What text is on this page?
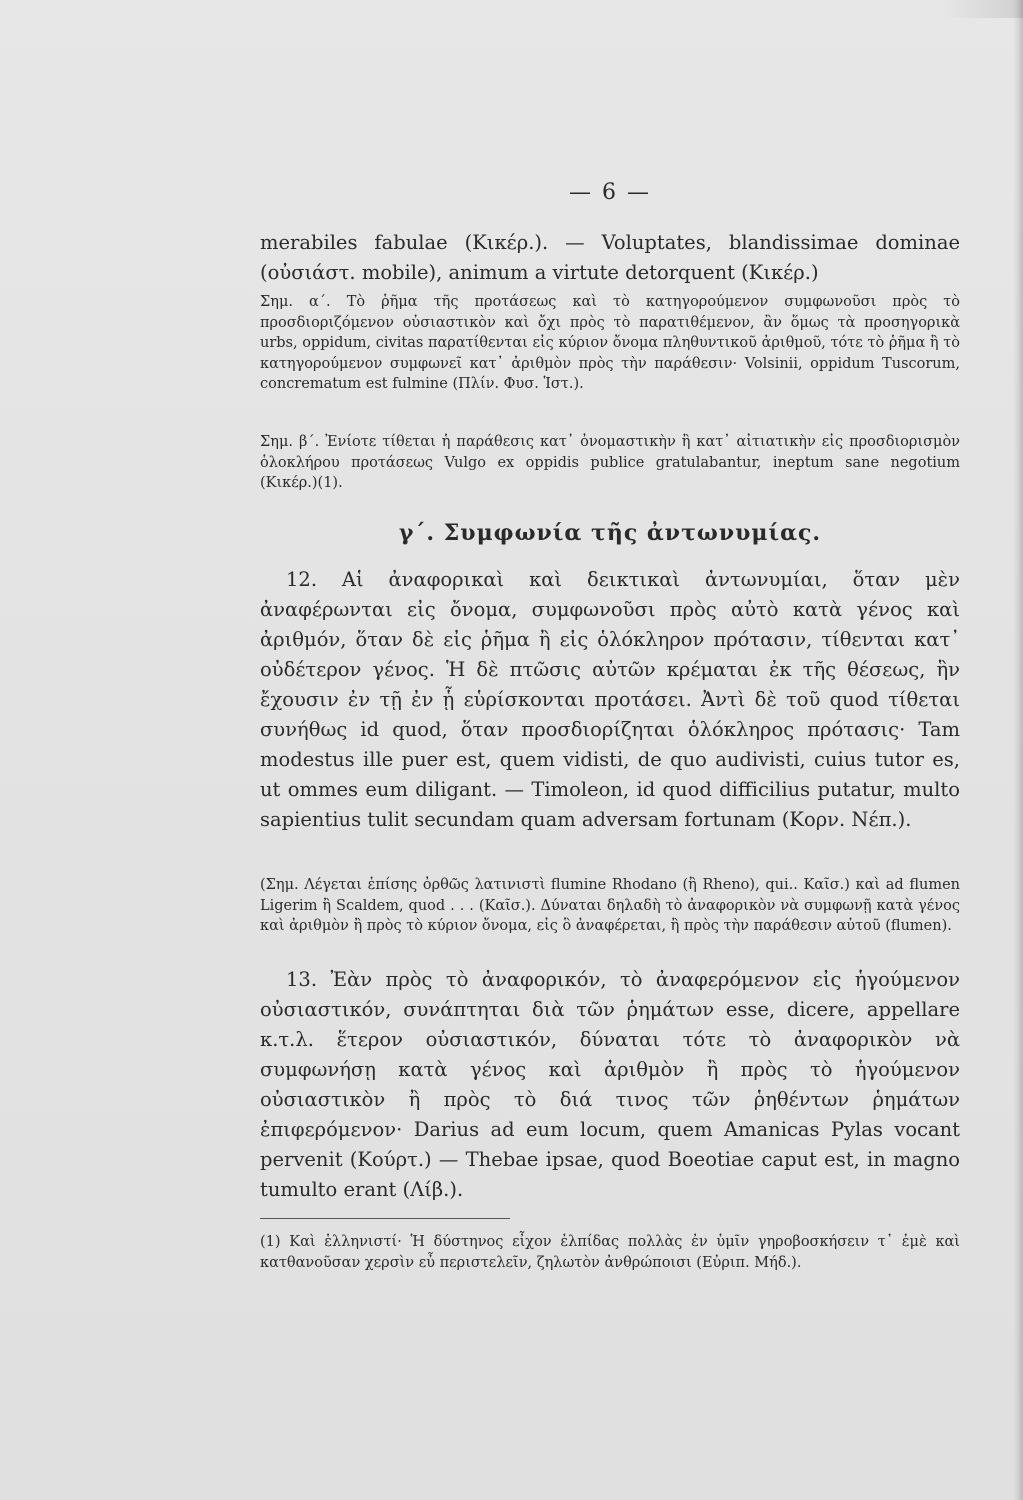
— 6 —

merabiles fabulae (Κικέρ.). — Voluptates, blandissimae dominae (οὐσιάστ. mobile), animum a virtute detorquent (Κικέρ.)

Σημ. α΄. Τὸ ῥῆμα τῆς προτάσεως καὶ τὸ κατηγορούμενον συμφωνοῦσι πρὸς τὸ προσδιοριζόμενον οὐσιαστικὸν καὶ ὄχι πρὸς τὸ παρατιθέμενον, ἂν ὅμως τὰ προσηγορικὰ urbs, oppidum, civitas παρατίθενται εἰς κύριον ὄνομα πληθυντικοῦ ἀριθμοῦ, τότε τὸ ῥῆμα ἢ τὸ κατηγορούμενον συμφωνεῖ κατ᾽ ἀριθμὸν πρὸς τὴν παράθεσιν· Volsinii, oppidum Tuscorum, concrematum est fulmine (Πλίν. Φυσ. Ἱστ.).

Σημ. β΄. Ἐνίοτε τίθεται ἡ παράθεσις κατ᾽ ὀνομαστικὴν ἢ κατ᾽ αἰτιατικὴν εἰς προσδιορισμὸν ὁλοκλήρου προτάσεως Vulgo ex oppidis publice gratulabantur, ineptum sane negotium (Κικέρ.)(1).

γ΄. Συμφωνία τῆς ἀντωνυμίας.

12. Αἱ ἀναφορικαὶ καὶ δεικτικαὶ ἀντωνυμίαι, ὅταν μὲν ἀναφέρωνται εἰς ὄνομα, συμφωνοῦσι πρὸς αὐτὸ κατὰ γένος καὶ ἀριθμόν, ὅταν δὲ εἰς ῥῆμα ἢ εἰς ὁλόκληρον πρότασιν, τίθενται κατ᾽ οὐδέτερον γένος. Ἡ δὲ πτῶσις αὐτῶν κρέμαται ἐκ τῆς θέσεως, ἣν ἔχουσιν ἐν τῇ ἐν ᾗ εὑρίσκονται προτάσει. Ἀντὶ δὲ τοῦ quod τίθεται συνήθως id quod, ὅταν προσδιορίζηται ὁλόκληρος πρότασις· Tam modestus ille puer est, quem vidisti, de quo audivisti, cuius tutor es, ut ommes eum diligant. — Timoleon, id quod difficilius putatur, multo sapientius tulit secundam quam adversam fortunam (Κορν. Νέπ.).

(Σημ. Λέγεται ἐπίσης ὀρθῶς λατινιστὶ flumine Rhodano (ἢ Rheno), qui.. Καῖσ.) καὶ ad flumen Ligerim ἢ Scaldem, quod . . . (Καῖσ.). Δύναται δηλαδὴ τὸ ἀναφορικὸν νὰ συμφωνῇ κατὰ γένος καὶ ἀριθμὸν ἢ πρὸς τὸ κύριον ὄνομα, εἰς ὃ ἀναφέρεται, ἢ πρὸς τὴν παράθεσιν αὐτοῦ (flumen).

13. Ἐὰν πρὸς τὸ ἀναφορικόν, τὸ ἀναφερόμενον εἰς ἡγούμενον οὐσιαστικόν, συνάπτηται διὰ τῶν ῥημάτων esse, dicere, appellare κ.τ.λ. ἕτερον οὐσιαστικόν, δύναται τότε τὸ ἀναφορικὸν νὰ συμφωνήσῃ κατὰ γένος καὶ ἀριθμὸν ἢ πρὸς τὸ ἡγούμενον οὐσιαστικὸν ἢ πρὸς τὸ διά τινος τῶν ῥηθέντων ῥημάτων ἐπιφερόμενον· Darius ad eum locum, quem Amanicas Pylas vocant pervenit (Κούρτ.) — Thebae ipsae, quod Boeotiae caput est, in magno tumulto erant (Λίβ.).

(1) Καὶ ἑλληνιστί· Ἡ δύστηνος εἶχον ἐλπίδας πολλὰς ἐν ὑμῖν γηροβοσκήσειν τ᾽ ἐμὲ καὶ κατθανοῦσαν χερσὶν εὖ περιστελεῖν, ζηλωτὸν ἀνθρώποισι (Εὐριπ. Μήδ.).
